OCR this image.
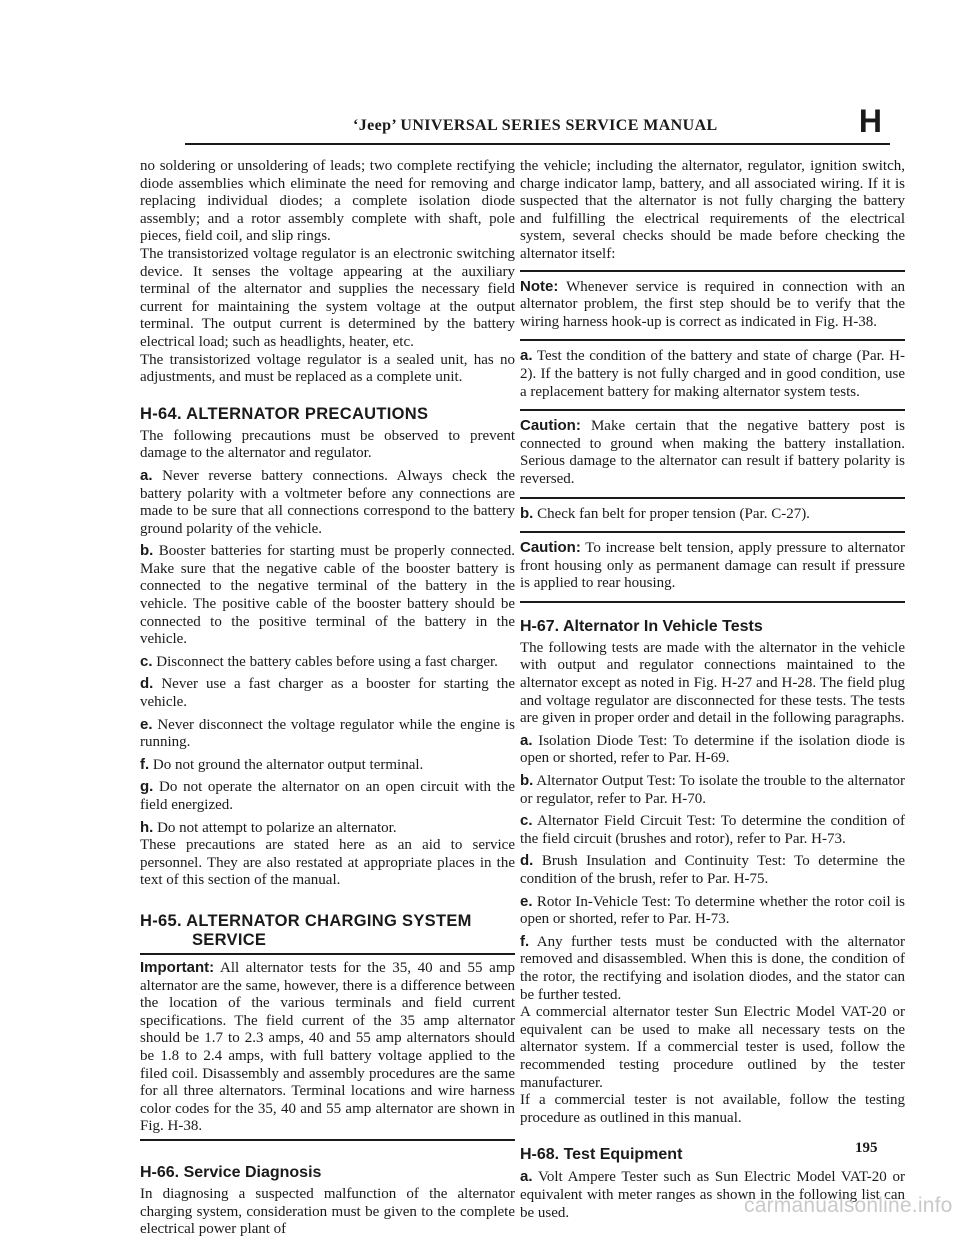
‘Jeep’ UNIVERSAL SERIES SERVICE MANUAL	H

no soldering or unsoldering of leads; two complete rectifying diode assemblies which eliminate the need for removing and replacing individual diodes; a complete isolation diode assembly; and a rotor assembly complete with shaft, pole pieces, field coil, and slip rings.

The transistorized voltage regulator is an electronic switching device. It senses the voltage appearing at the auxiliary terminal of the alternator and supplies the necessary field current for maintaining the system voltage at the output terminal. The output current is determined by the battery electrical load; such as headlights, heater, etc.

The transistorized voltage regulator is a sealed unit, has no adjustments, and must be replaced as a complete unit.

H-64. ALTERNATOR PRECAUTIONS

The following precautions must be observed to prevent damage to the alternator and regulator.

a. Never reverse battery connections. Always check the battery polarity with a voltmeter before any connections are made to be sure that all connections correspond to the battery ground polarity of the vehicle.

b. Booster batteries for starting must be properly connected. Make sure that the negative cable of the booster battery is connected to the negative terminal of the battery in the vehicle. The positive cable of the booster battery should be connected to the positive terminal of the battery in the vehicle.

c. Disconnect the battery cables before using a fast charger.

d. Never use a fast charger as a booster for starting the vehicle.

e. Never disconnect the voltage regulator while the engine is running.

f. Do not ground the alternator output terminal.

g. Do not operate the alternator on an open circuit with the field energized.

h. Do not attempt to polarize an alternator.

These precautions are stated here as an aid to service personnel. They are also restated at appropriate places in the text of this section of the manual.

H-65. ALTERNATOR CHARGING SYSTEM
SERVICE

Important: All alternator tests for the 35, 40 and 55 amp alternator are the same, however, there is a difference between the location of the various terminals and field current specifications. The field current of the 35 amp alternator should be 1.7 to 2.3 amps, 40 and 55 amp alternators should be 1.8 to 2.4 amps, with full battery voltage applied to the filed coil. Disassembly and assembly procedures are the same for all three alternators. Terminal locations and wire harness color codes for the 35, 40 and 55 amp alternator are shown in Fig. H-38.

H-66. Service Diagnosis

In diagnosing a suspected malfunction of the alternator charging system, consideration must be given to the complete electrical power plant of

the vehicle; including the alternator, regulator, ignition switch, charge indicator lamp, battery, and all associated wiring. If it is suspected that the alternator is not fully charging the battery and fulfilling the electrical requirements of the electrical system, several checks should be made before checking the alternator itself:

Note: Whenever service is required in connection with an alternator problem, the first step should be to verify that the wiring harness hook-up is correct as indicated in Fig. H-38.

a. Test the condition of the battery and state of charge (Par. H-2). If the battery is not fully charged and in good condition, use a replacement battery for making alternator system tests.

Caution: Make certain that the negative battery post is connected to ground when making the battery installation. Serious damage to the alternator can result if battery polarity is reversed.

b. Check fan belt for proper tension (Par. C-27).

Caution: To increase belt tension, apply pressure to alternator front housing only as permanent damage can result if pressure is applied to rear housing.

H-67. Alternator In Vehicle Tests

The following tests are made with the alternator in the vehicle with output and regulator connections maintained to the alternator except as noted in Fig. H-27 and H-28. The field plug and voltage regulator are disconnected for these tests. The tests are given in proper order and detail in the following paragraphs.

a. Isolation Diode Test: To determine if the isolation diode is open or shorted, refer to Par. H-69.

b. Alternator Output Test: To isolate the trouble to the alternator or regulator, refer to Par. H-70.

c. Alternator Field Circuit Test: To determine the condition of the field circuit (brushes and rotor), refer to Par. H-73.

d. Brush Insulation and Continuity Test: To determine the condition of the brush, refer to Par. H-75.

e. Rotor In-Vehicle Test: To determine whether the rotor coil is open or shorted, refer to Par. H-73.

f. Any further tests must be conducted with the alternator removed and disassembled. When this is done, the condition of the rotor, the rectifying and isolation diodes, and the stator can be further tested.

A commercial alternator tester Sun Electric Model VAT-20 or equivalent can be used to make all necessary tests on the alternator system. If a commercial tester is used, follow the recommended testing procedure outlined by the tester manufacturer.

If a commercial tester is not available, follow the testing procedure as outlined in this manual.

H-68. Test Equipment

a. Volt Ampere Tester such as Sun Electric Model VAT-20 or equivalent with meter ranges as shown in the following list can be used.

195
carmanualsonline.info
